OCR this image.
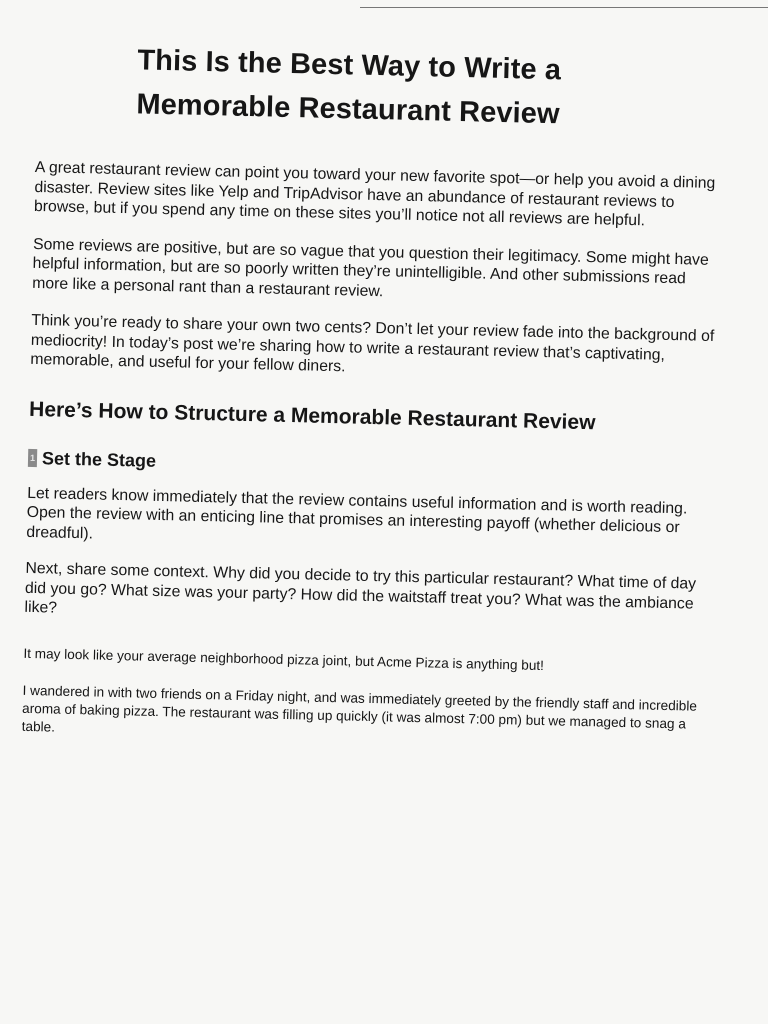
This Is the Best Way to Write a
Memorable Restaurant Review

A great restaurant review can point you toward your new favorite spot—or help you avoid a dining disaster. Review sites like Yelp and TripAdvisor have an abundance of restaurant reviews to browse, but if you spend any time on these sites you’ll notice not all reviews are helpful.

Some reviews are positive, but are so vague that you question their legitimacy. Some might have helpful information, but are so poorly written they’re unintelligible. And other submissions read more like a personal rant than a restaurant review.

Think you’re ready to share your own two cents? Don’t let your review fade into the background of mediocrity! In today’s post we’re sharing how to write a restaurant review that’s captivating, memorable, and useful for your fellow diners.

Here’s How to Structure a Memorable Restaurant Review
1 Set the Stage

Let readers know immediately that the review contains useful information and is worth reading. Open the review with an enticing line that promises an interesting payoff (whether delicious or dreadful).

Next, share some context. Why did you decide to try this particular restaurant? What time of day did you go? What size was your party? How did the waitstaff treat you? What was the ambiance like?

It may look like your average neighborhood pizza joint, but Acme Pizza is anything but!

I wandered in with two friends on a Friday night, and was immediately greeted by the friendly staff and incredible aroma of baking pizza. The restaurant was filling up quickly (it was almost 7:00 pm) but we managed to snag a table.
